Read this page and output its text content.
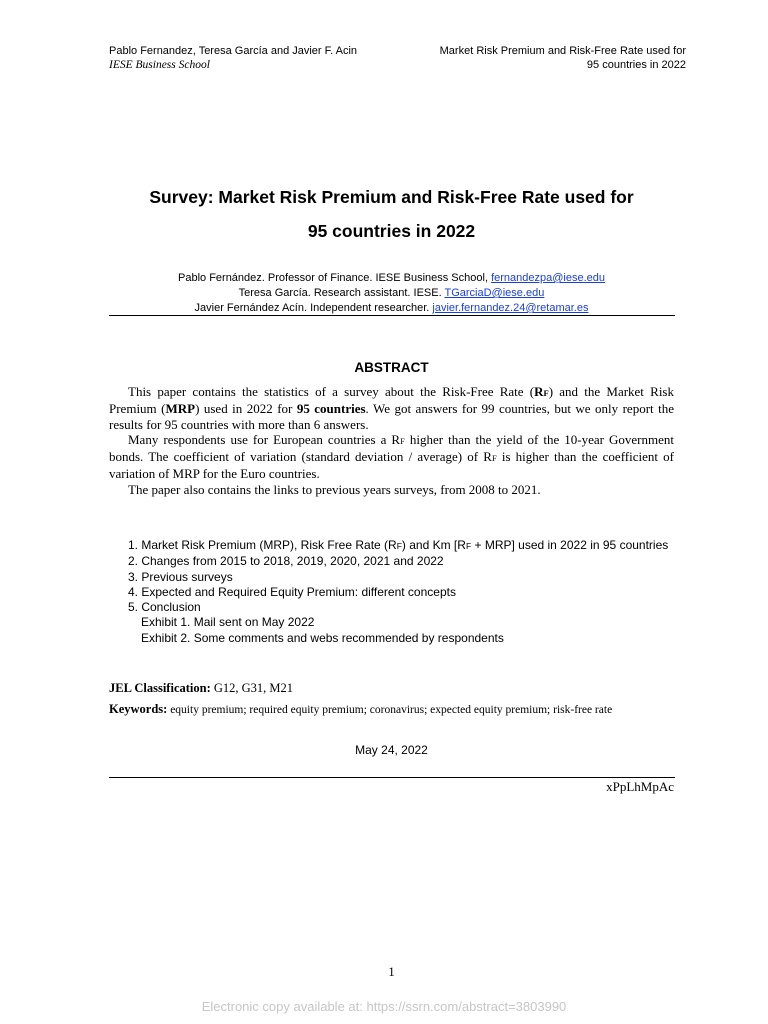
Pablo Fernandez, Teresa García and Javier F. Acin
IESE Business School
Market Risk Premium and Risk-Free Rate used for
95 countries in 2022
Survey: Market Risk Premium and Risk-Free Rate used for
95 countries in 2022
Pablo Fernández. Professor of Finance. IESE Business School, fernandezpa@iese.edu
Teresa García. Research assistant. IESE. TGarciaD@iese.edu
Javier Fernández Acín. Independent researcher. javier.fernandez.24@retamar.es
ABSTRACT

This paper contains the statistics of a survey about the Risk-Free Rate (RF) and the Market Risk Premium (MRP) used in 2022 for 95 countries. We got answers for 99 countries, but we only report the results for 95 countries with more than 6 answers.

Many respondents use for European countries a RF higher than the yield of the 10-year Government bonds. The coefficient of variation (standard deviation / average) of RF is higher than the coefficient of variation of MRP for the Euro countries.

The paper also contains the links to previous years surveys, from 2008 to 2021.

1. Market Risk Premium (MRP), Risk Free Rate (RF) and Km [RF + MRP] used in 2022 in 95 countries
2. Changes from 2015 to 2018, 2019, 2020, 2021 and 2022
3. Previous surveys
4. Expected and Required Equity Premium: different concepts
5. Conclusion
Exhibit 1. Mail sent on May 2022
Exhibit 2. Some comments and webs recommended by respondents
JEL Classification: G12, G31, M21
Keywords: equity premium; required equity premium; coronavirus; expected equity premium; risk-free rate
May 24, 2022
xPpLhMpAc
1
Electronic copy available at: https://ssrn.com/abstract=3803990
